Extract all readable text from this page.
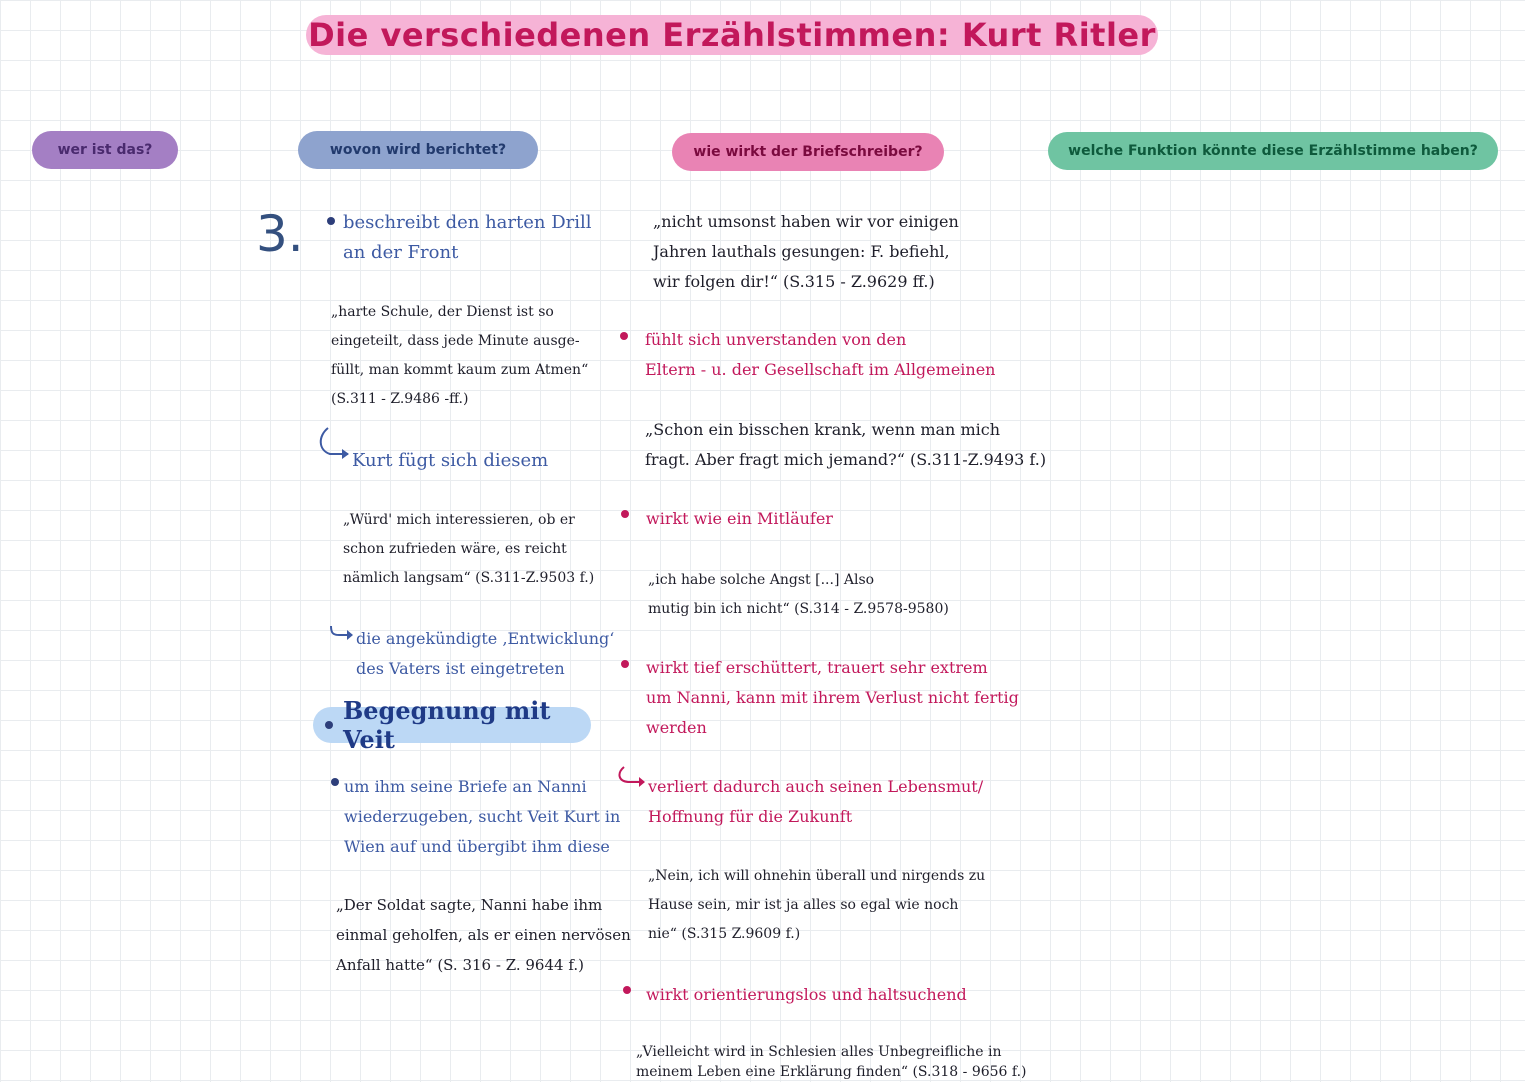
Die verschiedenen Erzählstimmen: Kurt Ritler
wer ist das?	wovon wird berichtet?	wie wirkt der Briefschreiber?	welche Funktion könnte diese Erzählstimme haben?
3. beschreibt den harten Drill
an der Front
„harte Schule, der Dienst ist so
eingeteilt, dass jede Minute ausge-
füllt, man kommt kaum zum Atmen“
(S.311 - Z.9486 -ff.)
Kurt fügt sich diesem
„Würd' mich interessieren, ob er
schon zufrieden wäre, es reicht
nämlich langsam“ (S.311-Z.9503 f.)
die angekündigte ‚Entwicklung‘
des Vaters ist eingetreten
Begegnung mit Veit
um ihm seine Briefe an Nanni
wiederzugeben, sucht Veit Kurt in
Wien auf und übergibt ihm diese
„Der Soldat sagte, Nanni habe ihm
einmal geholfen, als er einen nervösen
Anfall hatte“ (S. 316 - Z. 9644 f.)
„nicht umsonst haben wir vor einigen
Jahren lauthals gesungen: F. befiehl,
wir folgen dir!“ (S.315 - Z.9629 ff.)
fühlt sich unverstanden von den
Eltern - u. der Gesellschaft im Allgemeinen
„Schon ein bisschen krank, wenn man mich
fragt. Aber fragt mich jemand?“ (S.311-Z.9493 f.)
wirkt wie ein Mitläufer
„ich habe solche Angst [...] Also
mutig bin ich nicht“ (S.314 - Z.9578-9580)
wirkt tief erschüttert, trauert sehr extrem
um Nanni, kann mit ihrem Verlust nicht fertig
werden
verliert dadurch auch seinen Lebensmut/
Hoffnung für die Zukunft
„Nein, ich will ohnehin überall und nirgends zu
Hause sein, mir ist ja alles so egal wie noch
nie“ (S.315 Z.9609 f.)
wirkt orientierungslos und haltsuchend
„Vielleicht wird in Schlesien alles Unbegreifliche in
meinem Leben eine Erklärung finden“ (S.318 - 9656 f.)
